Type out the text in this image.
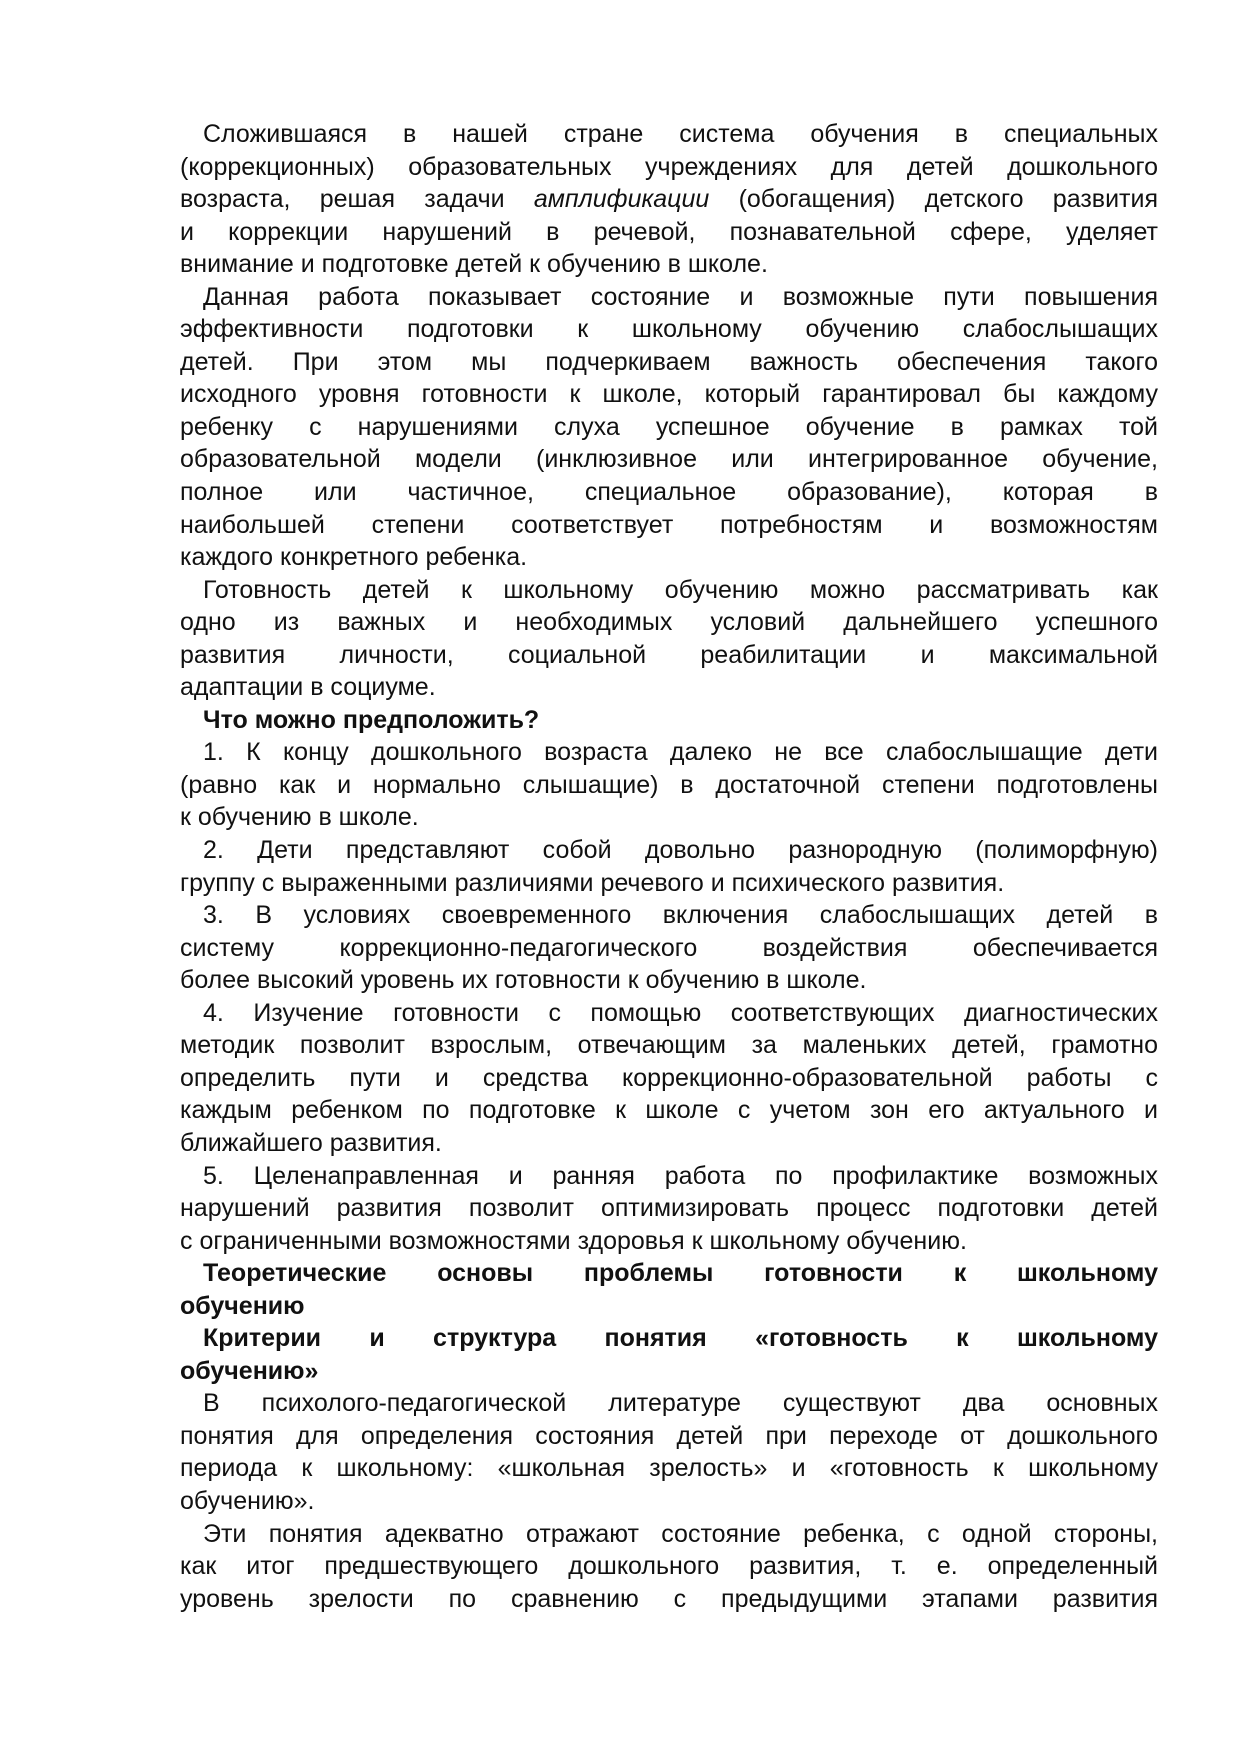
Сложившаяся в нашей стране система обучения в специальных
(коррекционных) образовательных учреждениях для детей дошкольного
возраста, решая задачи амплификации (обогащения) детского развития
и коррекции нарушений в речевой, познавательной сфере, уделяет
внимание и подготовке детей к обучению в школе.
Данная работа показывает состояние и возможные пути повышения
эффективности подготовки к школьному обучению слабослышащих
детей. При этом мы подчеркиваем важность обеспечения такого
исходного уровня готовности к школе, который гарантировал бы каждому
ребенку с нарушениями слуха успешное обучение в рамках той
образовательной модели (инклюзивное или интегрированное обучение,
полное или частичное, специальное образование), которая в
наибольшей степени соответствует потребностям и возможностям
каждого конкретного ребенка.
Готовность детей к школьному обучению можно рассматривать как
одно из важных и необходимых условий дальнейшего успешного
развития личности, социальной реабилитации и максимальной
адаптации в социуме.
Что можно предположить?
1. К концу дошкольного возраста далеко не все слабослышащие дети
(равно как и нормально слышащие) в достаточной степени подготовлены
к обучению в школе.
2. Дети представляют собой довольно разнородную (полиморфную)
группу с выраженными различиями речевого и психического развития.
3. В условиях своевременного включения слабослышащих детей в
систему коррекционно-педагогического воздействия обеспечивается
более высокий уровень их готовности к обучению в школе.
4. Изучение готовности с помощью соответствующих диагностических
методик позволит взрослым, отвечающим за маленьких детей, грамотно
определить пути и средства коррекционно-образовательной работы с
каждым ребенком по подготовке к школе с учетом зон его актуального и
ближайшего развития.
5. Целенаправленная и ранняя работа по профилактике возможных
нарушений развития позволит оптимизировать процесс подготовки детей
с ограниченными возможностями здоровья к школьному обучению.
Теоретические основы проблемы готовности к школьному
обучению
Критерии и структура понятия «готовность к школьному
обучению»
В психолого-педагогической литературе существуют два основных
понятия для определения состояния детей при переходе от дошкольного
периода к школьному: «школьная зрелость» и «готовность к школьному
обучению».
Эти понятия адекватно отражают состояние ребенка, с одной стороны,
как итог предшествующего дошкольного развития, т. е. определенный
уровень зрелости по сравнению с предыдущими этапами развития
